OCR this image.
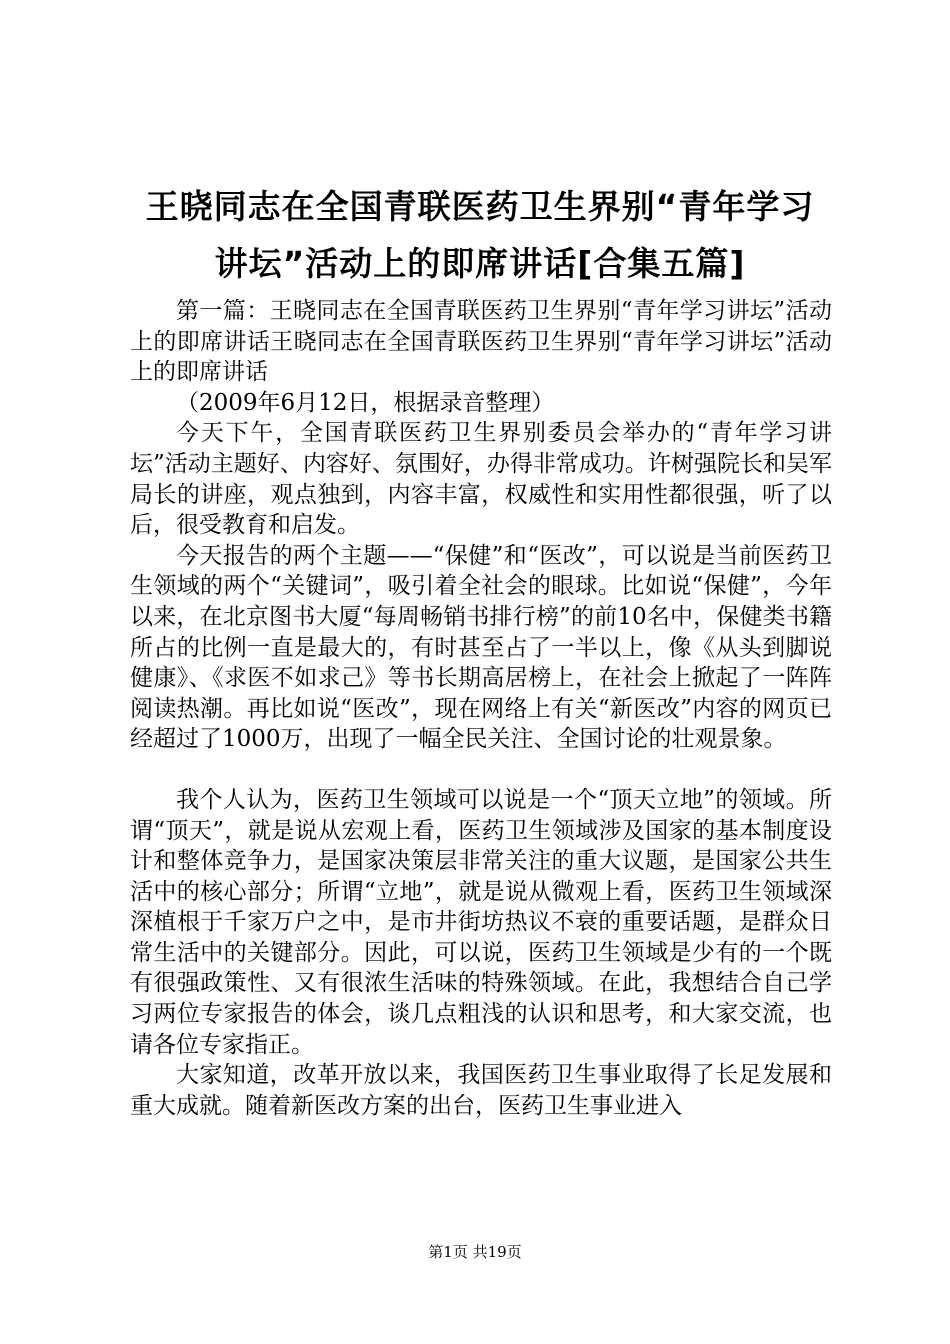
王晓同志在全国青联医药卫生界别“青年学习
讲坛”活动上的即席讲话[合集五篇]

第一篇：王晓同志在全国青联医药卫生界别“青年学习讲坛”活动上的即席讲话王晓同志在全国青联医药卫生界别“青年学习讲坛”活动上的即席讲话

（2009年6月12日，根据录音整理）

今天下午，全国青联医药卫生界别委员会举办的“青年学习讲坛”活动主题好、内容好、氛围好，办得非常成功。许树强院长和吴军局长的讲座，观点独到，内容丰富，权威性和实用性都很强，听了以后，很受教育和启发。

今天报告的两个主题——“保健”和“医改”，可以说是当前医药卫生领域的两个“关键词”，吸引着全社会的眼球。比如说“保健”，今年以来，在北京图书大厦“每周畅销书排行榜”的前10名中，保健类书籍所占的比例一直是最大的，有时甚至占了一半以上，像《从头到脚说健康》、《求医不如求己》等书长期高居榜上，在社会上掀起了一阵阵阅读热潮。再比如说“医改”，现在网络上有关“新医改”内容的网页已经超过了1000万，出现了一幅全民关注、全国讨论的壮观景象。

我个人认为，医药卫生领域可以说是一个“顶天立地”的领域。所谓“顶天”，就是说从宏观上看，医药卫生领域涉及国家的基本制度设计和整体竞争力，是国家决策层非常关注的重大议题，是国家公共生活中的核心部分；所谓“立地”，就是说从微观上看，医药卫生领域深深植根于千家万户之中，是市井街坊热议不衰的重要话题，是群众日常生活中的关键部分。因此，可以说，医药卫生领域是少有的一个既有很强政策性、又有很浓生活味的特殊领域。在此，我想结合自己学习两位专家报告的体会，谈几点粗浅的认识和思考，和大家交流，也请各位专家指正。

大家知道，改革开放以来，我国医药卫生事业取得了长足发展和重大成就。随着新医改方案的出台，医药卫生事业进入

第1页 共19页
